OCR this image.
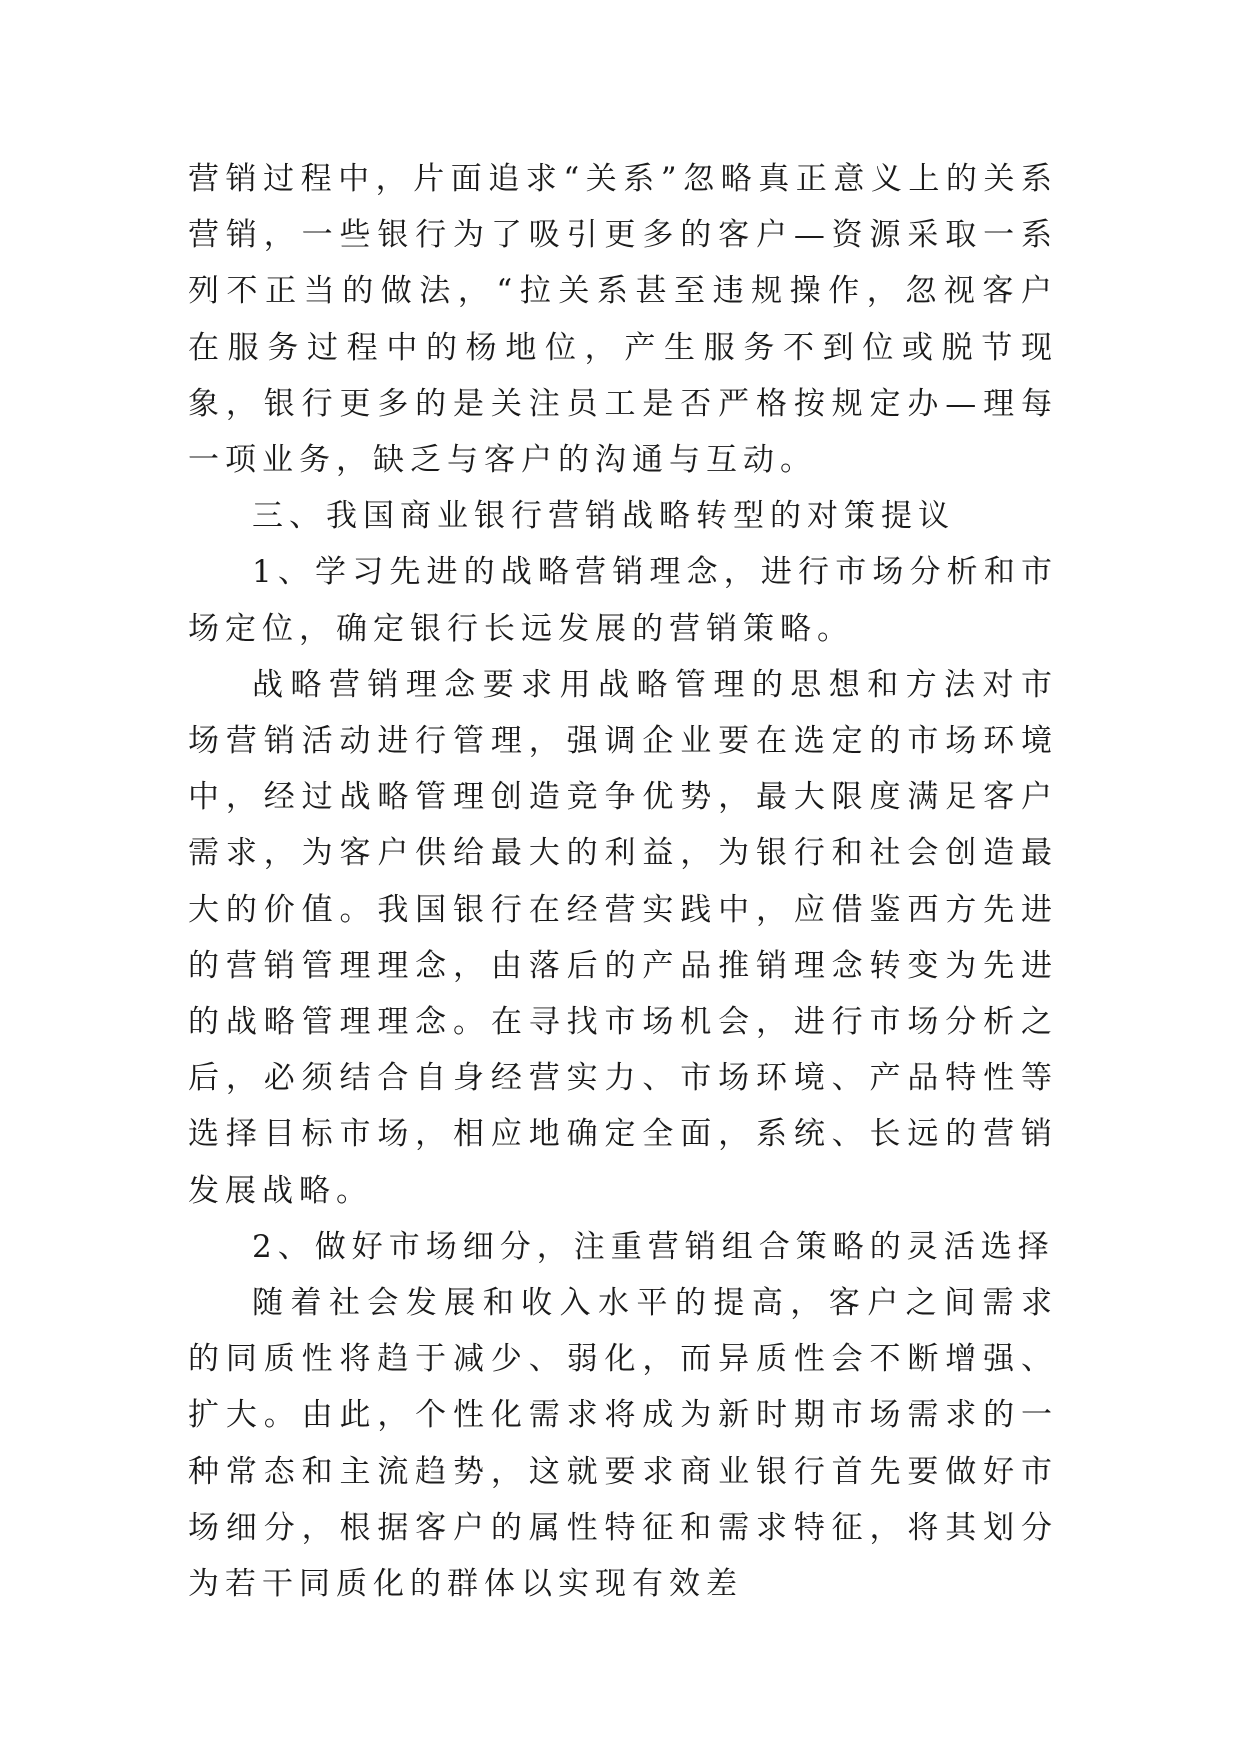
营销过程中，片面追求“关系”忽略真正意义上的关系营销，一些银行为了吸引更多的客户—资源采取一系列不正当的做法，“拉关系甚至违规操作，忽视客户在服务过程中的杨地位，产生服务不到位或脱节现象，银行更多的是关注员工是否严格按规定办—理每一项业务，缺乏与客户的沟通与互动。

三、我国商业银行营销战略转型的对策提议

1、学习先进的战略营销理念，进行市场分析和市场定位，确定银行长远发展的营销策略。

战略营销理念要求用战略管理的思想和方法对市场营销活动进行管理，强调企业要在选定的市场环境中，经过战略管理创造竞争优势，最大限度满足客户需求，为客户供给最大的利益，为银行和社会创造最大的价值。我国银行在经营实践中，应借鉴西方先进的营销管理理念，由落后的产品推销理念转变为先进的战略管理理念。在寻找市场机会，进行市场分析之后，必须结合自身经营实力、市场环境、产品特性等选择目标市场，相应地确定全面，系统、长远的营销发展战略。

2、做好市场细分，注重营销组合策略的灵活选择

随着社会发展和收入水平的提高，客户之间需求的同质性将趋于减少、弱化，而异质性会不断增强、扩大。由此，个性化需求将成为新时期市场需求的一种常态和主流趋势，这就要求商业银行首先要做好市场细分，根据客户的属性特征和需求特征，将其划分为若干同质化的群体以实现有效差
